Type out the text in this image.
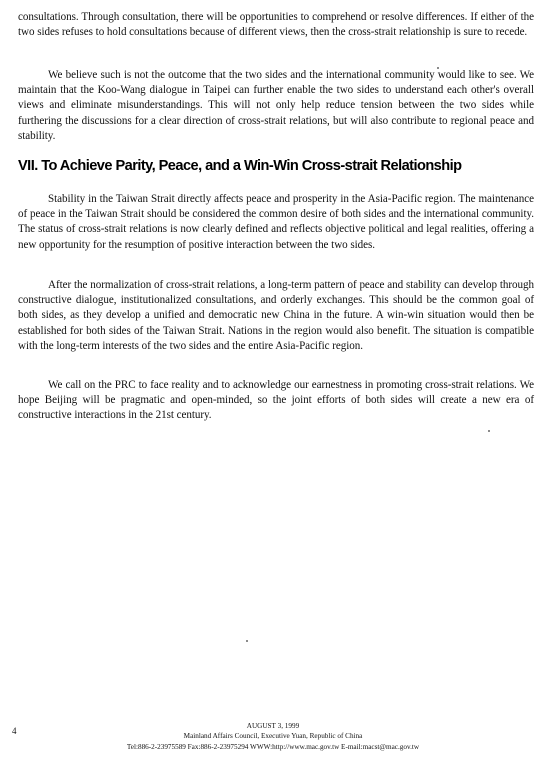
consultations. Through consultation, there will be opportunities to comprehend or resolve differences. If either of the two sides refuses to hold consultations because of different views, then the cross-strait relationship is sure to recede.

We believe such is not the outcome that the two sides and the international community would like to see. We maintain that the Koo-Wang dialogue in Taipei can further enable the two sides to understand each other's overall views and eliminate misunderstandings. This will not only help reduce tension between the two sides while furthering the discussions for a clear direction of cross-strait relations, but will also contribute to regional peace and stability.

VII. To Achieve Parity, Peace, and a Win-Win Cross-strait Relationship

Stability in the Taiwan Strait directly affects peace and prosperity in the Asia-Pacific region. The maintenance of peace in the Taiwan Strait should be considered the common desire of both sides and the international community. The status of cross-strait relations is now clearly defined and reflects objective political and legal realities, offering a new opportunity for the resumption of positive interaction between the two sides.

After the normalization of cross-strait relations, a long-term pattern of peace and stability can develop through constructive dialogue, institutionalized consultations, and orderly exchanges. This should be the common goal of both sides, as they develop a unified and democratic new China in the future. A win-win situation would then be established for both sides of the Taiwan Strait. Nations in the region would also benefit. The situation is compatible with the long-term interests of the two sides and the entire Asia-Pacific region.

We call on the PRC to face reality and to acknowledge our earnestness in promoting cross-strait relations. We hope Beijing will be pragmatic and open-minded, so the joint efforts of both sides will create a new era of constructive interactions in the 21st century.

4	AUGUST 3, 1999

Mainland Affairs Council, Executive Yuan, Republic of China

Tel:886-2-23975589 Fax:886-2-23975294 WWW:http://www.mac.gov.tw E-mail:macst@mac.gov.tw
